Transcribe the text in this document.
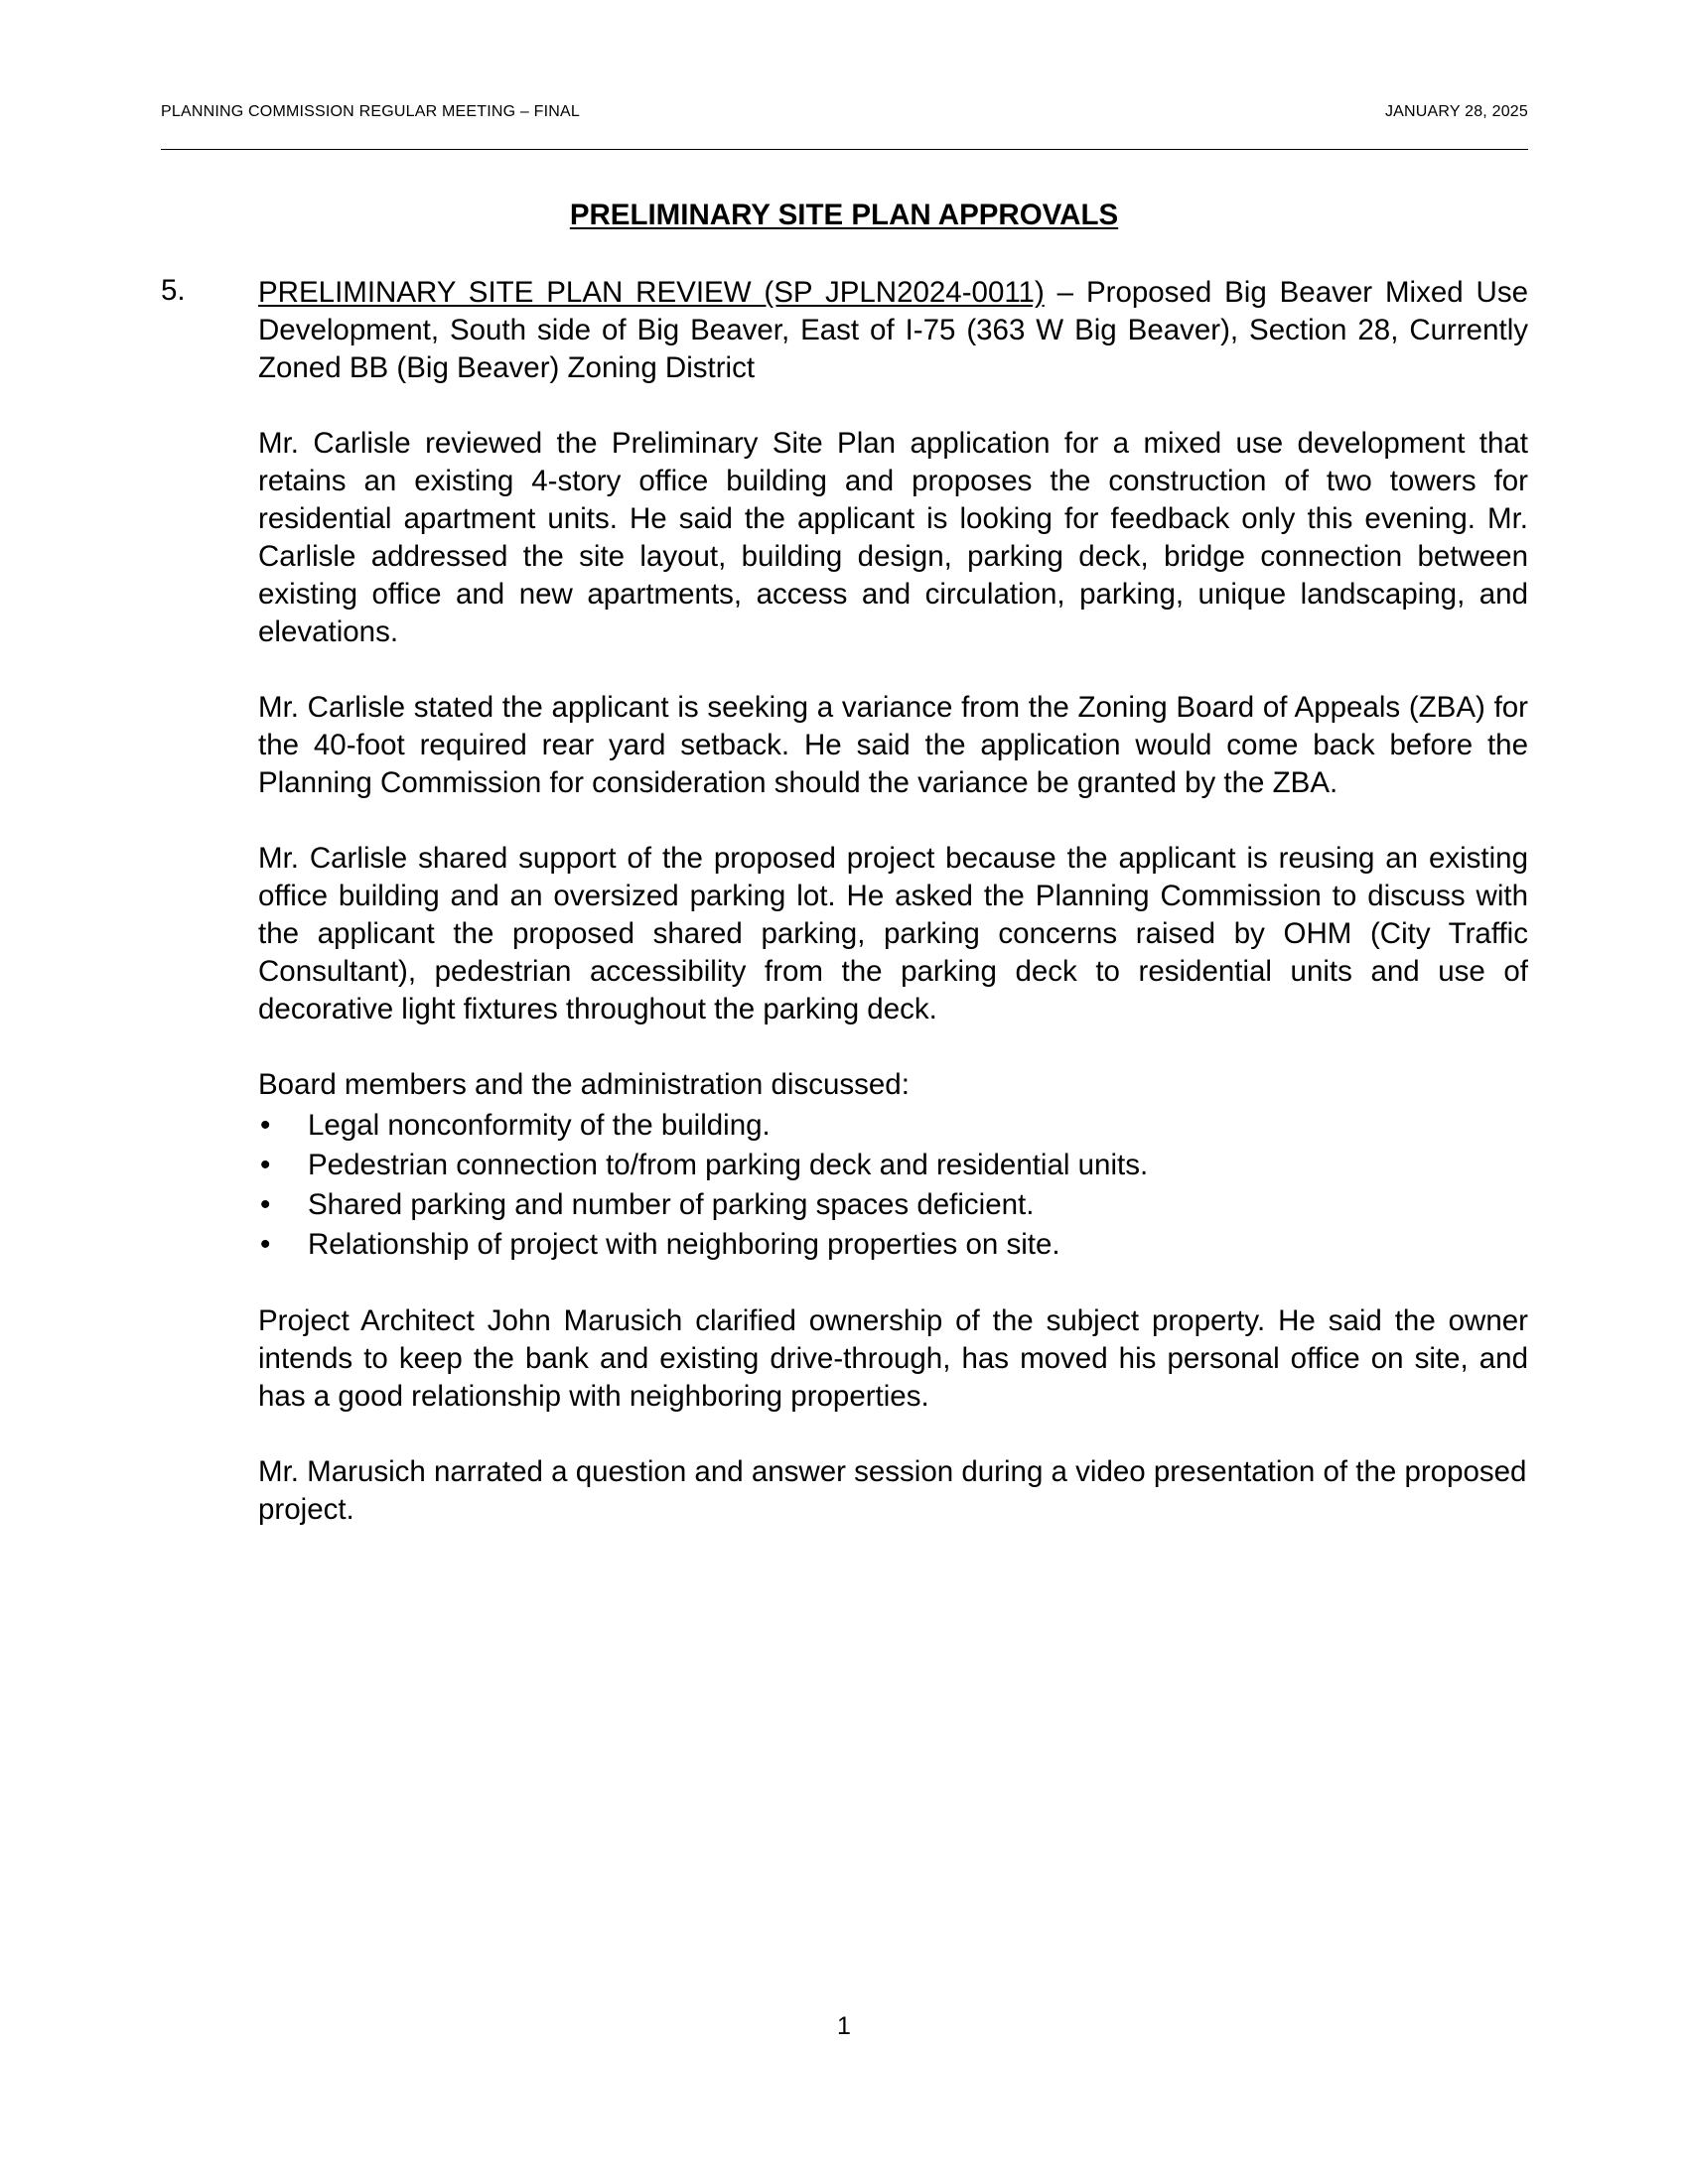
PLANNING COMMISSION REGULAR MEETING – FINAL	JANUARY 28, 2025
PRELIMINARY SITE PLAN APPROVALS
5. PRELIMINARY SITE PLAN REVIEW (SP JPLN2024-0011) – Proposed Big Beaver Mixed Use Development, South side of Big Beaver, East of I-75 (363 W Big Beaver), Section 28, Currently Zoned BB (Big Beaver) Zoning District

Mr. Carlisle reviewed the Preliminary Site Plan application for a mixed use development that retains an existing 4-story office building and proposes the construction of two towers for residential apartment units. He said the applicant is looking for feedback only this evening. Mr. Carlisle addressed the site layout, building design, parking deck, bridge connection between existing office and new apartments, access and circulation, parking, unique landscaping, and elevations.

Mr. Carlisle stated the applicant is seeking a variance from the Zoning Board of Appeals (ZBA) for the 40-foot required rear yard setback. He said the application would come back before the Planning Commission for consideration should the variance be granted by the ZBA.

Mr. Carlisle shared support of the proposed project because the applicant is reusing an existing office building and an oversized parking lot. He asked the Planning Commission to discuss with the applicant the proposed shared parking, parking concerns raised by OHM (City Traffic Consultant), pedestrian accessibility from the parking deck to residential units and use of decorative light fixtures throughout the parking deck.

Board members and the administration discussed:

• Legal nonconformity of the building.
• Pedestrian connection to/from parking deck and residential units.
• Shared parking and number of parking spaces deficient.
• Relationship of project with neighboring properties on site.

Project Architect John Marusich clarified ownership of the subject property. He said the owner intends to keep the bank and existing drive-through, has moved his personal office on site, and has a good relationship with neighboring properties.

Mr. Marusich narrated a question and answer session during a video presentation of the proposed project.

1
